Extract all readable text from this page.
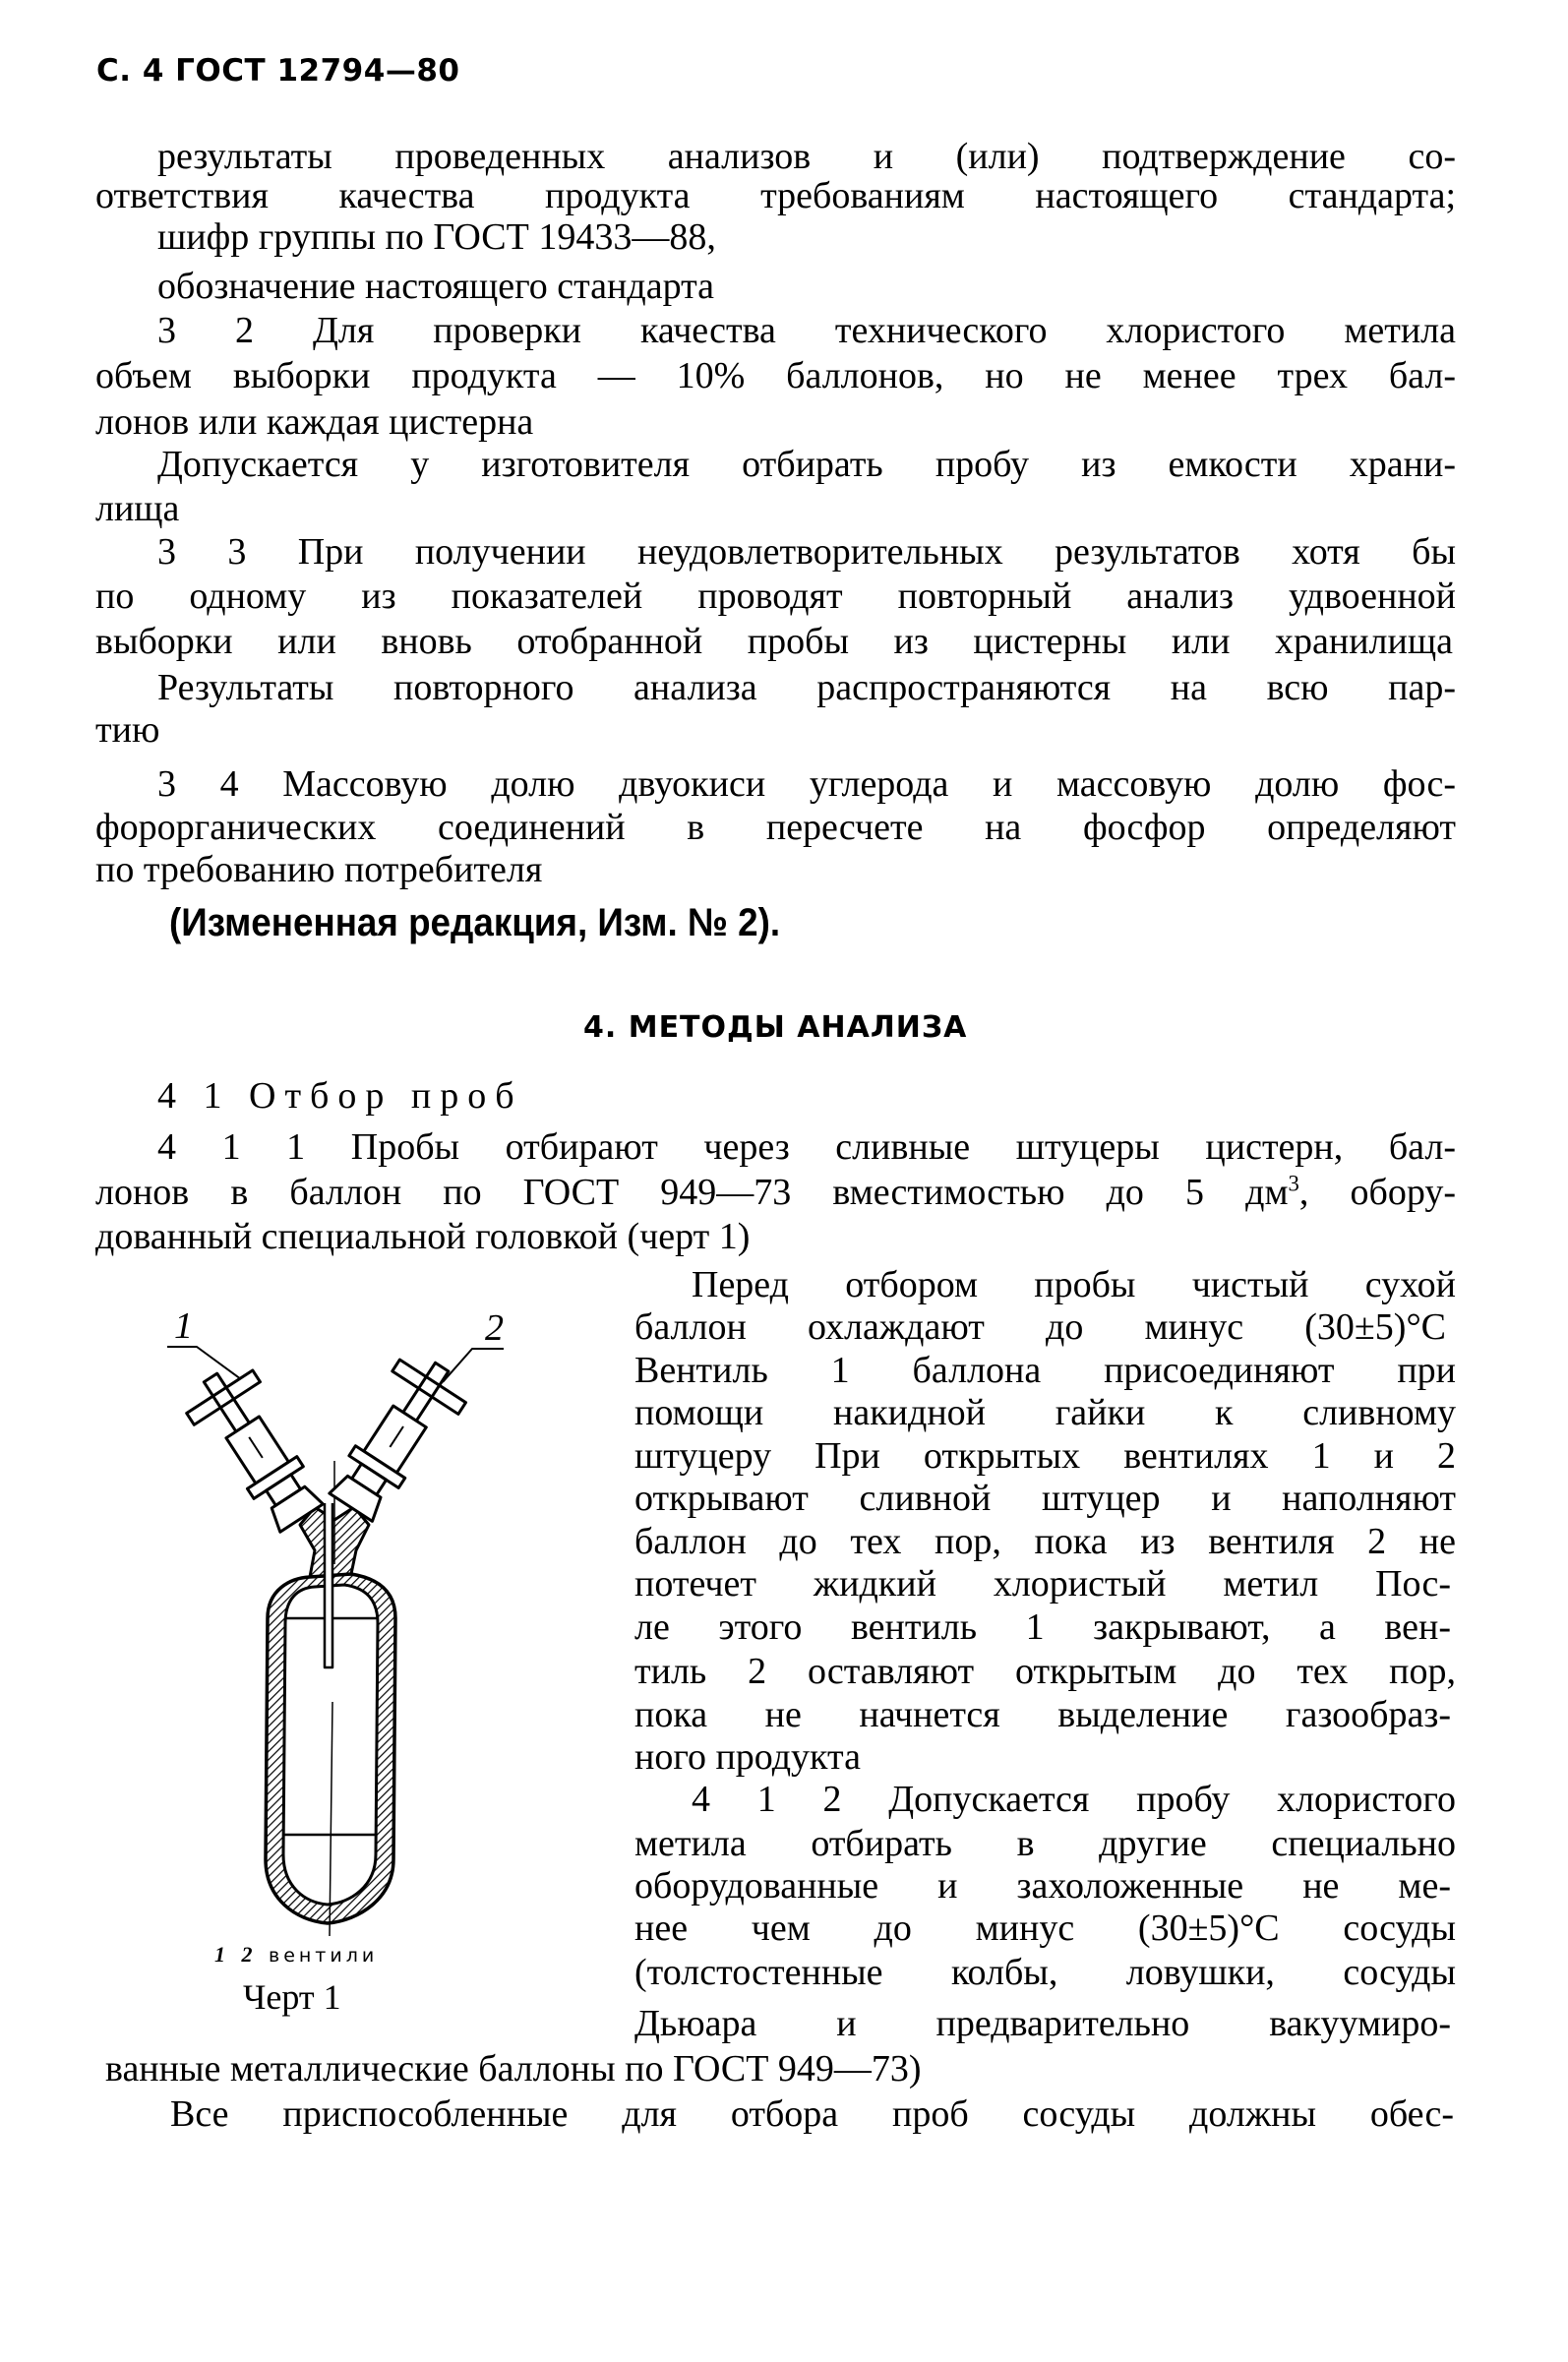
С. 4 ГОСТ 12794—80
результаты проведенных анализов и (или) подтверждение со-
ответствия качества продукта требованиям настоящего стандарта;
шифр группы по ГОСТ 19433—88,
обозначение настоящего стандарта
3 2 Для проверки качества технического хлористого метила
объем выборки продукта — 10% баллонов, но не менее трех бал-
лонов или каждая цистерна
Допускается у изготовителя отбирать пробу из емкости храни-
лища
3 3 При получении неудовлетворительных результатов хотя бы
по одному из показателей проводят повторный анализ удвоенной
выборки или вновь отобранной пробы из цистерны или хранилища
Результаты повторного анализа распространяются на всю пар-
тию
3 4 Массовую долю двуокиси углерода и массовую долю фос-
форорганических соединений в пересчете на фосфор определяют
по требованию потребителя
(Измененная редакция, Изм. № 2).
4. МЕТОДЫ АНАЛИЗА
4 1 Отбор проб
4 1 1 Пробы отбирают через сливные штуцеры цистерн, бал-
лонов в баллон по ГОСТ 949—73 вместимостью до 5 $дм^3$, обору-
дованный специальной головкой (черт 1)
Перед отбором пробы чистый сухой
баллон охлаждают до минус (30±5)°С
Вентиль 1 баллона присоединяют при
помощи накидной гайки к сливному
штуцеру При открытых вентилях 1 и 2
открывают сливной штуцер и наполняют
баллон до тех пор, пока из вентиля 2 не
потечет жидкий хлористый метил Пос-
ле этого вентиль 1 закрывают, а вен-
тиль 2 оставляют открытым до тех пор,
пока не начнется выделение газообраз-
ного продукта
4 1 2 Допускается пробу хлористого
метила отбирать в другие специально
оборудованные и захоложенные не ме-
нее чем до минус (30±5)°С сосуды
(толстостенные колбы, ловушки, сосуды
Дьюара и предварительно вакуумиро-
ванные металлические баллоны по ГОСТ 949—73)
Все приспособленные для отбора проб сосуды должны обес-
1	2
1 2 вентили
Черт 1
